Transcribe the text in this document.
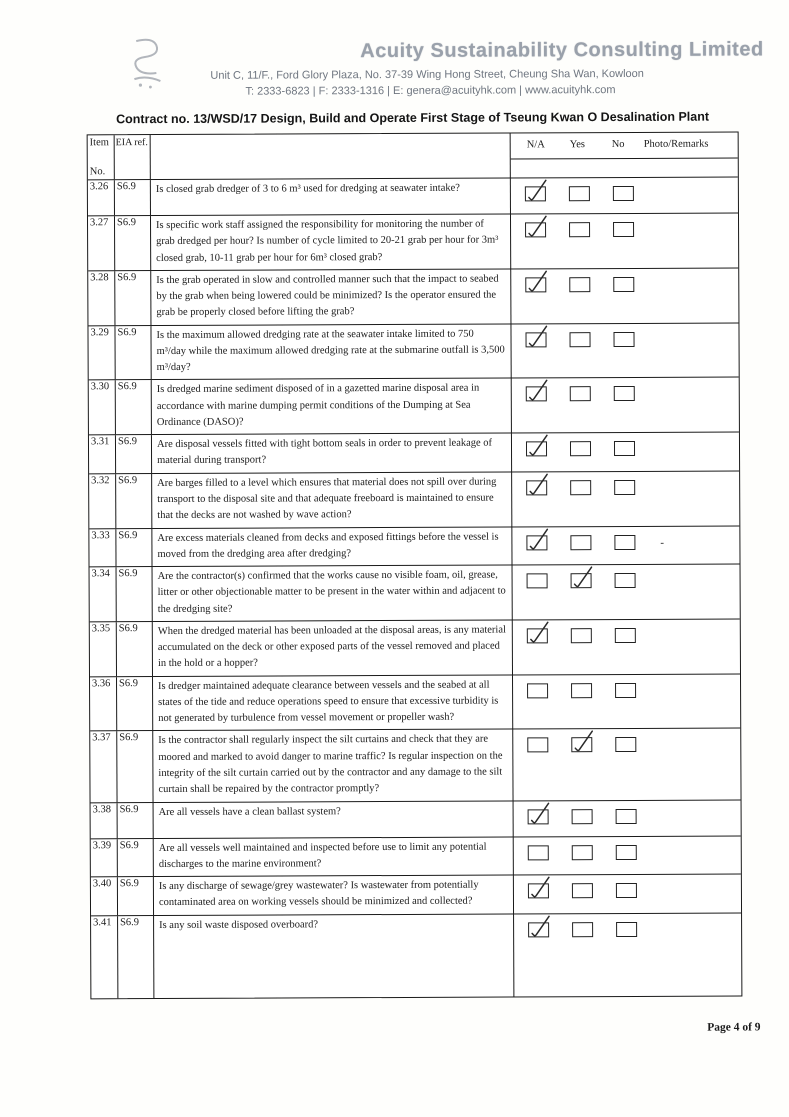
Acuity Sustainability Consulting Limited
Unit C, 11/F., Ford Glory Plaza, No. 37-39 Wing Hong Street, Cheung Sha Wan, Kowloon
T: 2333-6823 | F: 2333-1316 | E: genera@acuityhk.com | www.acuityhk.com
Contract no. 13/WSD/17 Design, Build and Operate First Stage of Tseung Kwan O Desalination Plant
Item
No.
EIA ref.	N/A Yes	No Photo/Remarks
3.26 S6.9	Is closed grab dredger of 3 to 6 m³ used for dredging at seawater intake?
3.27 S6.9	Is specific work staff assigned the responsibility for monitoring the number of grab dredged per hour? Is number of cycle limited to 20-21 grab per hour for 3m³ closed grab, 10-11 grab per hour for 6m³ closed grab?
3.28 S6.9	Is the grab operated in slow and controlled manner such that the impact to seabed by the grab when being lowered could be minimized? Is the operator ensured the grab be properly closed before lifting the grab?
3.29 S6.9	Is the maximum allowed dredging rate at the seawater intake limited to 750 m³/day while the maximum allowed dredging rate at the submarine outfall is 3,500 m³/day?
3.30 S6.9	Is dredged marine sediment disposed of in a gazetted marine disposal area in accordance with marine dumping permit conditions of the Dumping at Sea Ordinance (DASO)?
3.31 S6.9	Are disposal vessels fitted with tight bottom seals in order to prevent leakage of material during transport?
3.32 S6.9	Are barges filled to a level which ensures that material does not spill over during transport to the disposal site and that adequate freeboard is maintained to ensure that the decks are not washed by wave action?
3.33 S6.9	Are excess materials cleaned from decks and exposed fittings before the vessel is moved from the dredging area after dredging?
-
3.34 S6.9	Are the contractor(s) confirmed that the works cause no visible foam, oil, grease, litter or other objectionable matter to be present in the water within and adjacent to the dredging site?
3.35 S6.9	When the dredged material has been unloaded at the disposal areas, is any material accumulated on the deck or other exposed parts of the vessel removed and placed in the hold or a hopper?
3.36 S6.9	Is dredger maintained adequate clearance between vessels and the seabed at all states of the tide and reduce operations speed to ensure that excessive turbidity is not generated by turbulence from vessel movement or propeller wash?
3.37 S6.9	Is the contractor shall regularly inspect the silt curtains and check that they are moored and marked to avoid danger to marine traffic? Is regular inspection on the integrity of the silt curtain carried out by the contractor and any damage to the silt curtain shall be repaired by the contractor promptly?
3.38 S6.9	Are all vessels have a clean ballast system?
3.39 S6.9	Are all vessels well maintained and inspected before use to limit any potential discharges to the marine environment?
3.40 S6.9	Is any discharge of sewage/grey wastewater? Is wastewater from potentially contaminated area on working vessels should be minimized and collected?
3.41 S6.9	Is any soil waste disposed overboard?
Page 4 of 9
